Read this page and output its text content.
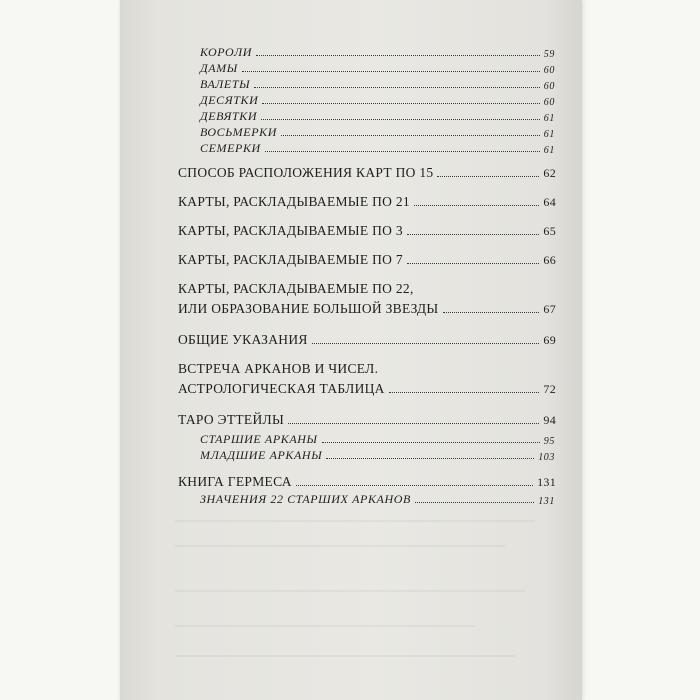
КОРОЛИ	59
ДАМЫ	60
ВАЛЕТЫ	60
ДЕСЯТКИ	60
ДЕВЯТКИ	61
ВОСЬМЕРКИ	61
СЕМЕРКИ	61
СПОСОБ РАСПОЛОЖЕНИЯ КАРТ ПО 15	62
КАРТЫ, РАСКЛАДЫВАЕМЫЕ ПО 21	64
КАРТЫ, РАСКЛАДЫВАЕМЫЕ ПО 3	65
КАРТЫ, РАСКЛАДЫВАЕМЫЕ ПО 7	66
КАРТЫ, РАСКЛАДЫВАЕМЫЕ ПО 22,
ИЛИ ОБРАЗОВАНИЕ БОЛЬШОЙ ЗВЕЗДЫ	67
ОБЩИЕ УКАЗАНИЯ	69
ВСТРЕЧА АРКАНОВ И ЧИСЕЛ.
АСТРОЛОГИЧЕСКАЯ ТАБЛИЦА	72
ТАРО ЭТТЕЙЛЫ	94
СТАРШИЕ АРКАНЫ	95
МЛАДШИЕ АРКАНЫ	103
КНИГА ГЕРМЕСА	131
ЗНАЧЕНИЯ 22 СТАРШИХ АРКАНОВ	131
